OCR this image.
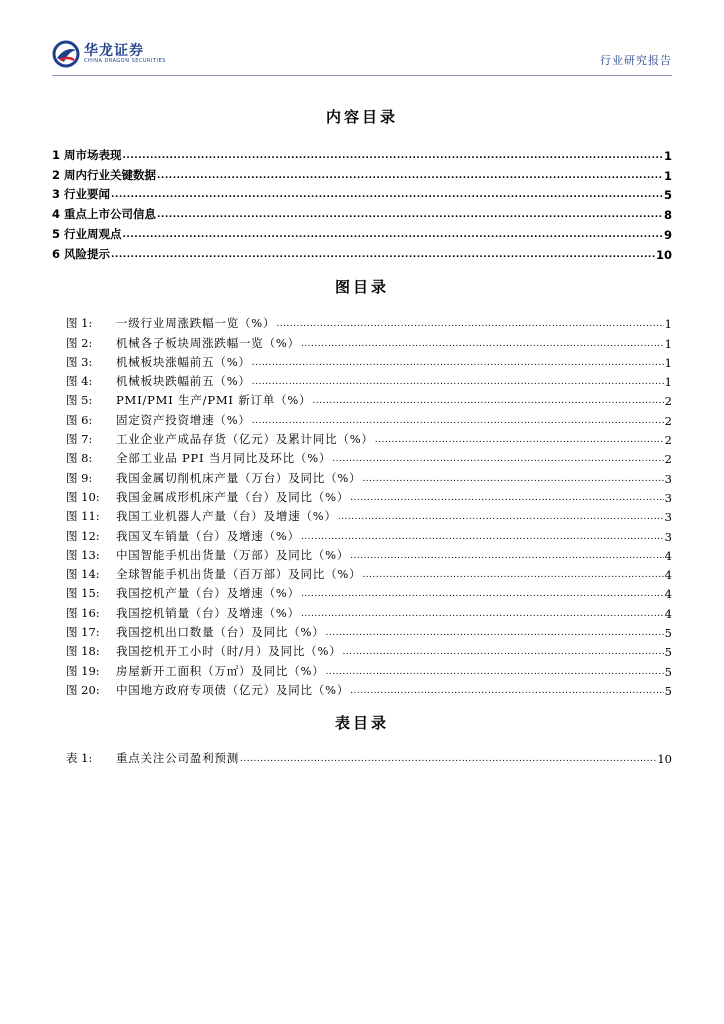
华龙证券
CHINA DRAGON SECURITIES	行业研究报告
内容目录
1 周市场表现 .....	1
2 周内行业关键数据 .....	1
3 行业要闻 .....	5
4 重点上市公司信息 .....	8
5 行业周观点 .....	9
6 风险提示 .....	10
图目录
图 1:	一级行业周涨跌幅一览（%） .....	1
图 2:	机械各子板块周涨跌幅一览（%） .....	1
图 3:	机械板块涨幅前五（%） .....	1
图 4:	机械板块跌幅前五（%） .....	1
图 5:	PMI/PMI 生产/PMI 新订单（%） .....	2
图 6:	固定资产投资增速（%） .....	2
图 7:	工业企业产成品存货（亿元）及累计同比（%） .....	2
图 8:	全部工业品 PPI 当月同比及环比（%） .....	2
图 9:	我国金属切削机床产量（万台）及同比（%） .....	3
图 10:	我国金属成形机床产量（台）及同比（%） .....	3
图 11:	我国工业机器人产量（台）及增速（%） .....	3
图 12:	我国叉车销量（台）及增速（%） .....	3
图 13:	中国智能手机出货量（万部）及同比（%） .....	4
图 14:	全球智能手机出货量（百万部）及同比（%） .....	4
图 15:	我国挖机产量（台）及增速（%） .....	4
图 16:	我国挖机销量（台）及增速（%） .....	4
图 17:	我国挖机出口数量（台）及同比（%） .....	5
图 18:	我国挖机开工小时（时/月）及同比（%） .....	5
图 19:	房屋新开工面积（万㎡）及同比（%） .....	5
图 20:	中国地方政府专项债（亿元）及同比（%） .....	5
表目录
表 1:	重点关注公司盈利预测 .....	10
